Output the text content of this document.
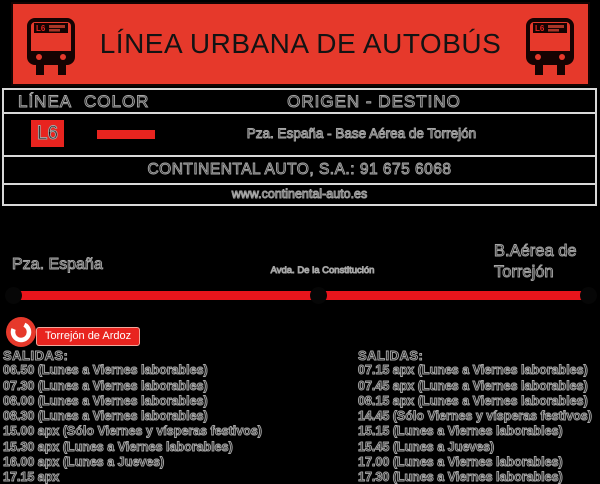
L6 LÍNEA URBANA DE AUTOBÚS	L6
LÍNEA COLOR	ORIGEN - DESTINO
L6	Pza. España - Base Aérea de Torrejón
CONTINENTAL AUTO, S.A.: 91 675 6068
www.continental-auto.es
Pza. España	Avda. De la Constitución
B.Aérea de Torrejón
Torrejón de Ardoz
SALIDAS:
06.50 (Lunes a Viernes laborables)
07.30 (Lunes a Viernes laborables)
08.00 (Lunes a Viernes laborables)
08.30 (Lunes a Viernes laborables)
15.00 apx (Sólo Viernes y vísperas festivos)
15.30 apx (Lunes a Viernes laborables)
16.00 apx (Lunes a Jueves)
17.15 apx
SALIDAS:
07.15 apx (Lunes a Viernes laborables)
07.45 apx (Lunes a Viernes laborables)
08.15 apx (Lunes a Viernes laborables)
14.45 (Sólo Viernes y vísperas festivos)
15.15 (Lunes a Viernes laborables)
15.45 (Lunes a Jueves)
17.00 (Lunes a Viernes laborables)
17.30 (Lunes a Viernes laborables)
